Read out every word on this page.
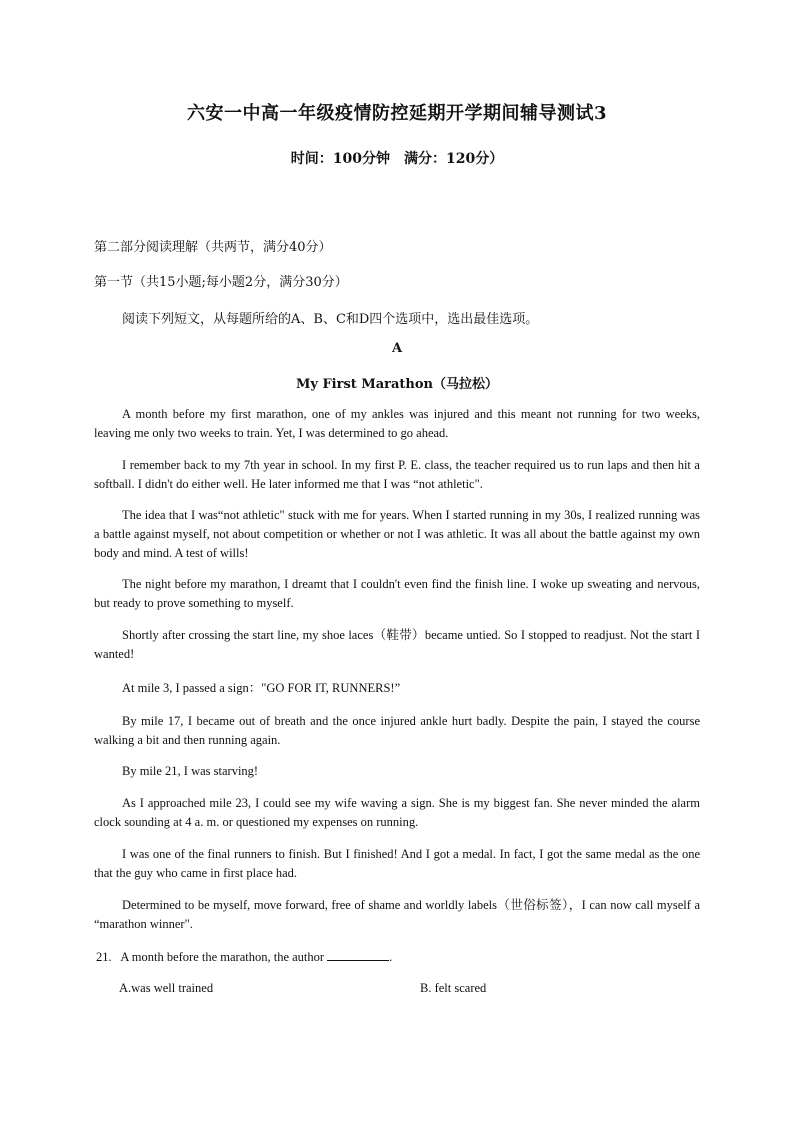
六安一中高一年级疫情防控延期开学期间辅导测试3
时间：100分钟　满分：120分）
第二部分阅读理解（共两节，满分40分）
第一节（共15小题;每小题2分，满分30分）
阅读下列短文，从每题所给的A、B、C和D四个选项中，选出最佳选项。
A
My First Marathon（马拉松）
A month before my first marathon, one of my ankles was injured and this meant not running for two weeks, leaving me only two weeks to train. Yet, I was determined to go ahead.
I remember back to my 7th year in school. In my first P. E. class, the teacher required us to run laps and then hit a softball. I didn't do either well. He later informed me that I was “not athletic".
The idea that I was“not athletic" stuck with me for years. When I started running in my 30s, I realized running was a battle against myself, not about competition or whether or not I was athletic. It was all about the battle against my own body and mind. A test of wills!
The night before my marathon, I dreamt that I couldn't even find the finish line. I woke up sweating and nervous, but ready to prove something to myself.
Shortly after crossing the start line, my shoe laces（鞋带）became untied. So I stopped to readjust. Not the start I wanted!
At mile 3, I passed a sign："GO FOR IT, RUNNERS!”
By mile 17, I became out of breath and the once injured ankle hurt badly. Despite the pain, I stayed the course walking a bit and then running again.
By mile 21, I was starving!
As I approached mile 23, I could see my wife waving a sign. She is my biggest fan. She never minded the alarm clock sounding at 4 a. m. or questioned my expenses on running.
I was one of the final runners to finish. But I finished! And I got a medal. In fact, I got the same medal as the one that the guy who came in first place had.
Determined to be myself, move forward, free of shame and worldly labels（世俗标签），I can now call myself a “marathon winner".
21. A month before the marathon, the author	.
A.was well trained	B. felt scared
